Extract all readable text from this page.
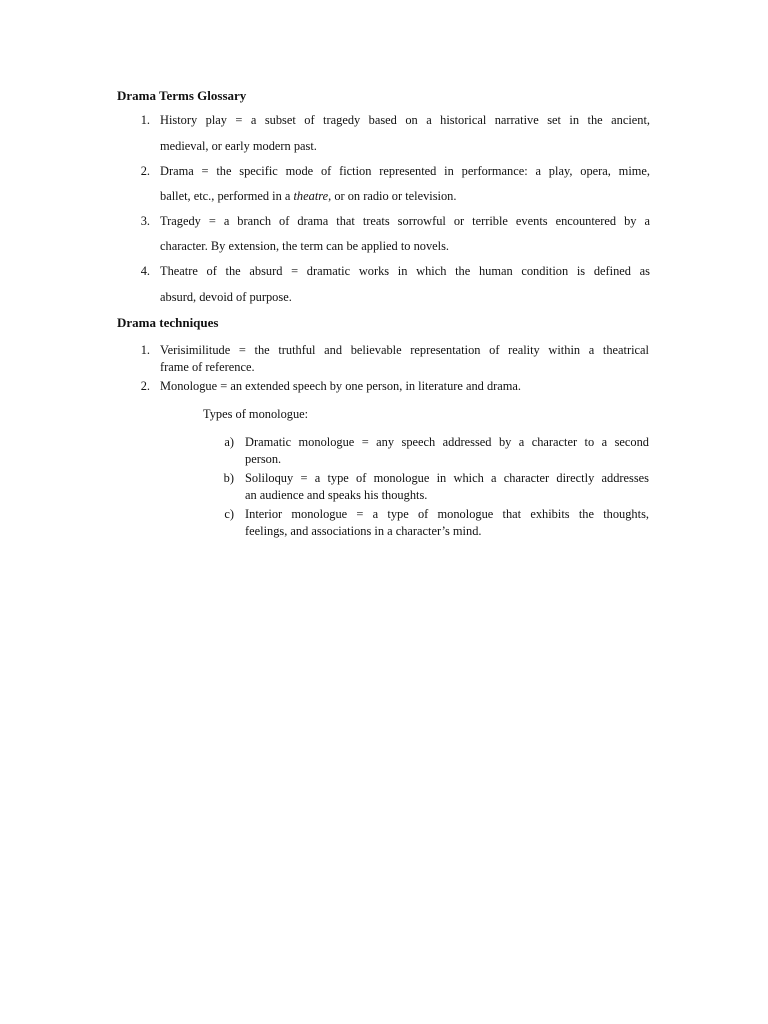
Drama Terms Glossary
1. History play = a subset of tragedy based on a historical narrative set in the ancient,
medieval, or early modern past.
2. Drama = the specific mode of fiction represented in performance: a play, opera, mime,
ballet, etc., performed in a theatre, or on radio or television.
3. Tragedy = a branch of drama that treats sorrowful or terrible events encountered by a
character. By extension, the term can be applied to novels.
4. Theatre of the absurd = dramatic works in which the human condition is defined as
absurd, devoid of purpose.
Drama techniques
1. Verisimilitude = the truthful and believable representation of reality within a theatrical
frame of reference.
2. Monologue = an extended speech by one person, in literature and drama.
Types of monologue:
a) Dramatic monologue = any speech addressed by a character to a second
person.
b) Soliloquy = a type of monologue in which a character directly addresses
an audience and speaks his thoughts.
c) Interior monologue = a type of monologue that exhibits the thoughts,
feelings, and associations in a character’s mind.
